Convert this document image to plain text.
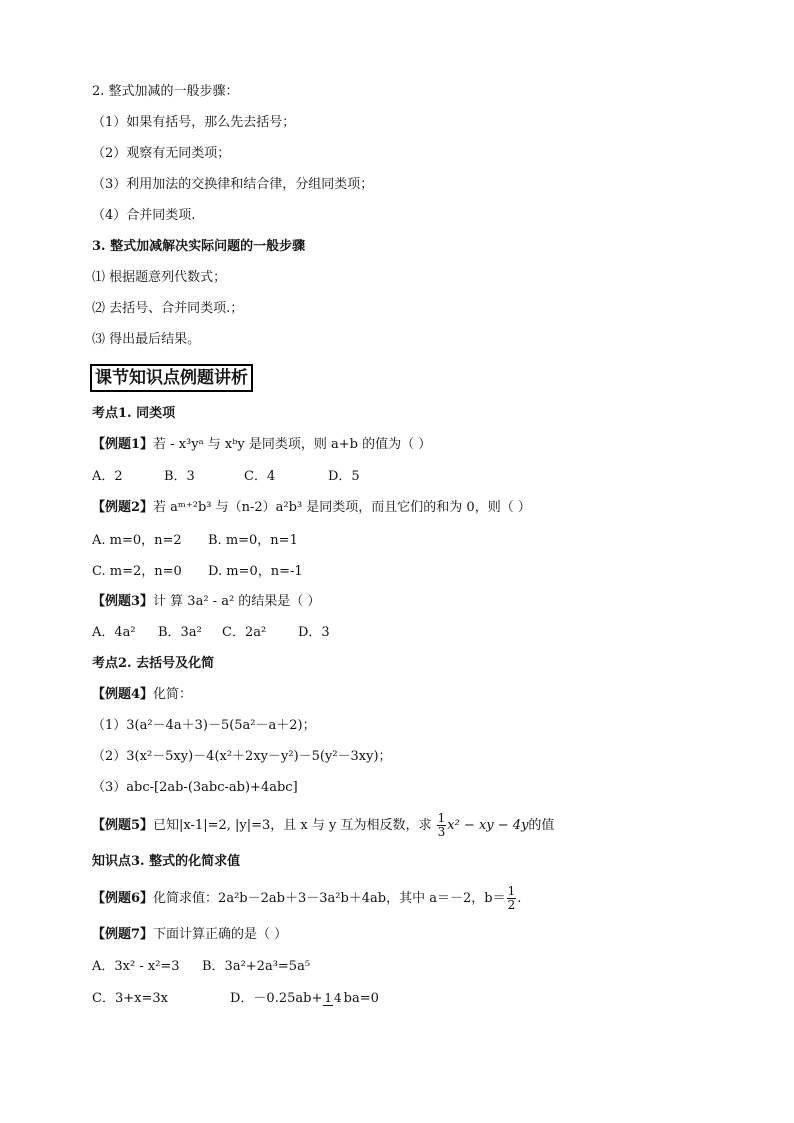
2. 整式加减的一般步骤：
（1）如果有括号，那么先去括号；
（2）观察有无同类项；
（3）利用加法的交换律和结合律，分组同类项；
（4）合并同类项.
3. 整式加减解决实际问题的一般步骤
⑴ 根据题意列代数式；
⑵ 去括号、合并同类项.；
⑶ 得出最后结果。
课节知识点例题讲析
考点1. 同类项
【例题1】若 - x³yᵃ 与 xᵇy 是同类项，则 a+b 的值为（ ）
A．2	B．3	C．4	D．5
【例题2】若 aᵐ⁺²b³ 与（n-2）a²b³ 是同类项，而且它们的和为 0，则（ ）
A. m=0，n=2 B. m=0，n=1
C. m=2，n=0 D. m=0，n=-1
【例题3】计 算 3a² - a² 的结果是（ ）
A．4a² B．3a² C．2a² D．3
考点2. 去括号及化简
【例题4】化简：
（1）3(a²－4a＋3)－5(5a²－a＋2)；
（2）3(x²－5xy)－4(x²＋2xy－y²)－5(y²－3xy)；
（3）abc-[2ab-(3abc-ab)+4abc]
【例题5】已知|x-1|=2, |y|=3，且 x 与 y 互为相反数，求 $\frac{1}{3} x^2$ − xy − 4y的值
知识点3. 整式的化简求值
【例题6】化简求值：2a²b－2ab＋3－3a²b＋4ab，其中 a＝－2，$b= \frac{1}{2}$ .
【例题7】下面计算正确的是（ ）
A．3x² - x²=3 B．3a²+2a³=5a⁵
C．3+x=3x	D．－0.25ab+ 1 4 ba=0
